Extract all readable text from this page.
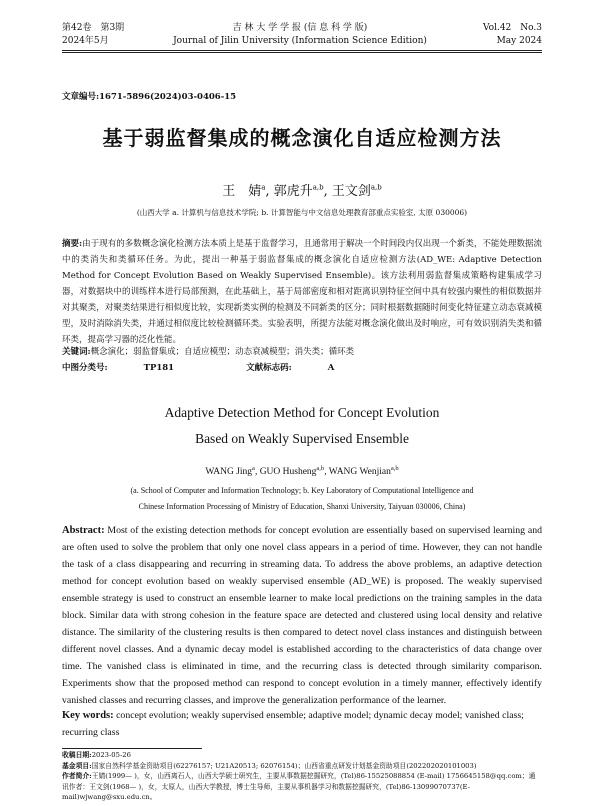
第42卷　第3期
2024年5月
吉 林 大 学 学 报 (信 息 科 学 版)
Journal of Jilin University (Information Science Edition)
Vol.42　No.3
May 2024
文章编号:1671-5896(2024)03-0406-15
基于弱监督集成的概念演化自适应检测方法
王　婧$^a$, 郭虎升$^{a,b}$, 王文剑$^{a,b}$
(山西大学 a. 计算机与信息技术学院; b. 计算智能与中文信息处理教育部重点实验室, 太原 030006)
摘要:由于现有的多数概念演化检测方法本质上是基于监督学习，且通常用于解决一个时间段内仅出现一个新类，不能处理数据流中的类消失和类循环任务。为此，提出一种基于弱监督集成的概念演化自适应检测方法(AD_WE: Adaptive Detection Method for Concept Evolution Based on Weakly Supervised Ensemble)。该方法利用弱监督集成策略构建集成学习器，对数据块中的训练样本进行局部预测，在此基础上，基于局部密度和相对距离识别特征空间中具有较强内聚性的相似数据并对其聚类，对聚类结果进行相似度比较，实现新类实例的检测及不同新类的区分；同时根据数据随时间变化特征建立动态衰减模型，及时消除消失类，并通过相似度比较检测循环类。实验表明，所提方法能对概念演化做出及时响应，可有效识别消失类和循环类，提高学习器的泛化性能。
关键词:概念演化；弱监督集成；自适应模型；动态衰减模型；消失类；循环类
中图分类号:	TP181	文献标志码:	A
Adaptive Detection Method for Concept Evolution
Based on Weakly Supervised Ensemble
WANG Jing$^a$, GUO Husheng$^{a,b}$, WANG Wenjian$^{a,b}$
(a. School of Computer and Information Technology; b. Key Laboratory of Computational Intelligence and
Chinese Information Processing of Ministry of Education, Shanxi University, Taiyuan 030006, China)
Abstract: Most of the existing detection methods for concept evolution are essentially based on supervised learning and are often used to solve the problem that only one novel class appears in a period of time. However, they can not handle the task of a class disappearing and recurring in streaming data. To address the above problems, an adaptive detection method for concept evolution based on weakly supervised ensemble (AD_WE) is proposed. The weakly supervised ensemble strategy is used to construct an ensemble learner to make local predictions on the training samples in the data block. Similar data with strong cohesion in the feature space are detected and clustered using local density and relative distance. The similarity of the clustering results is then compared to detect novel class instances and distinguish between different novel classes. And a dynamic decay model is established according to the characteristics of data change over time. The vanished class is eliminated in time, and the recurring class is detected through similarity comparison. Experiments show that the proposed method can respond to concept evolution in a timely manner, effectively identify vanished classes and recurring classes, and improve the generalization performance of the learner.
Key words: concept evolution; weakly supervised ensemble; adaptive model; dynamic decay model; vanished class; recurring class
收稿日期:2023-05-26
基金项目:国家自然科学基金资助项目(62276157; U21A20513; 62076154)；山西省重点研发计划基金资助项目(202202020101003)
作者简介:王婧(1999— )，女，山西离石人，山西大学硕士研究生，主要从事数据挖掘研究，(Tel)86-15525088854 (E-mail) 1756645158@qq.com；通讯作者：王文剑(1968— )，女，太原人，山西大学教授，博士生导师，主要从事机器学习和数据挖掘研究，(Tel)86-13099070737(E-mail)wjwang@sxu.edu.cn。
